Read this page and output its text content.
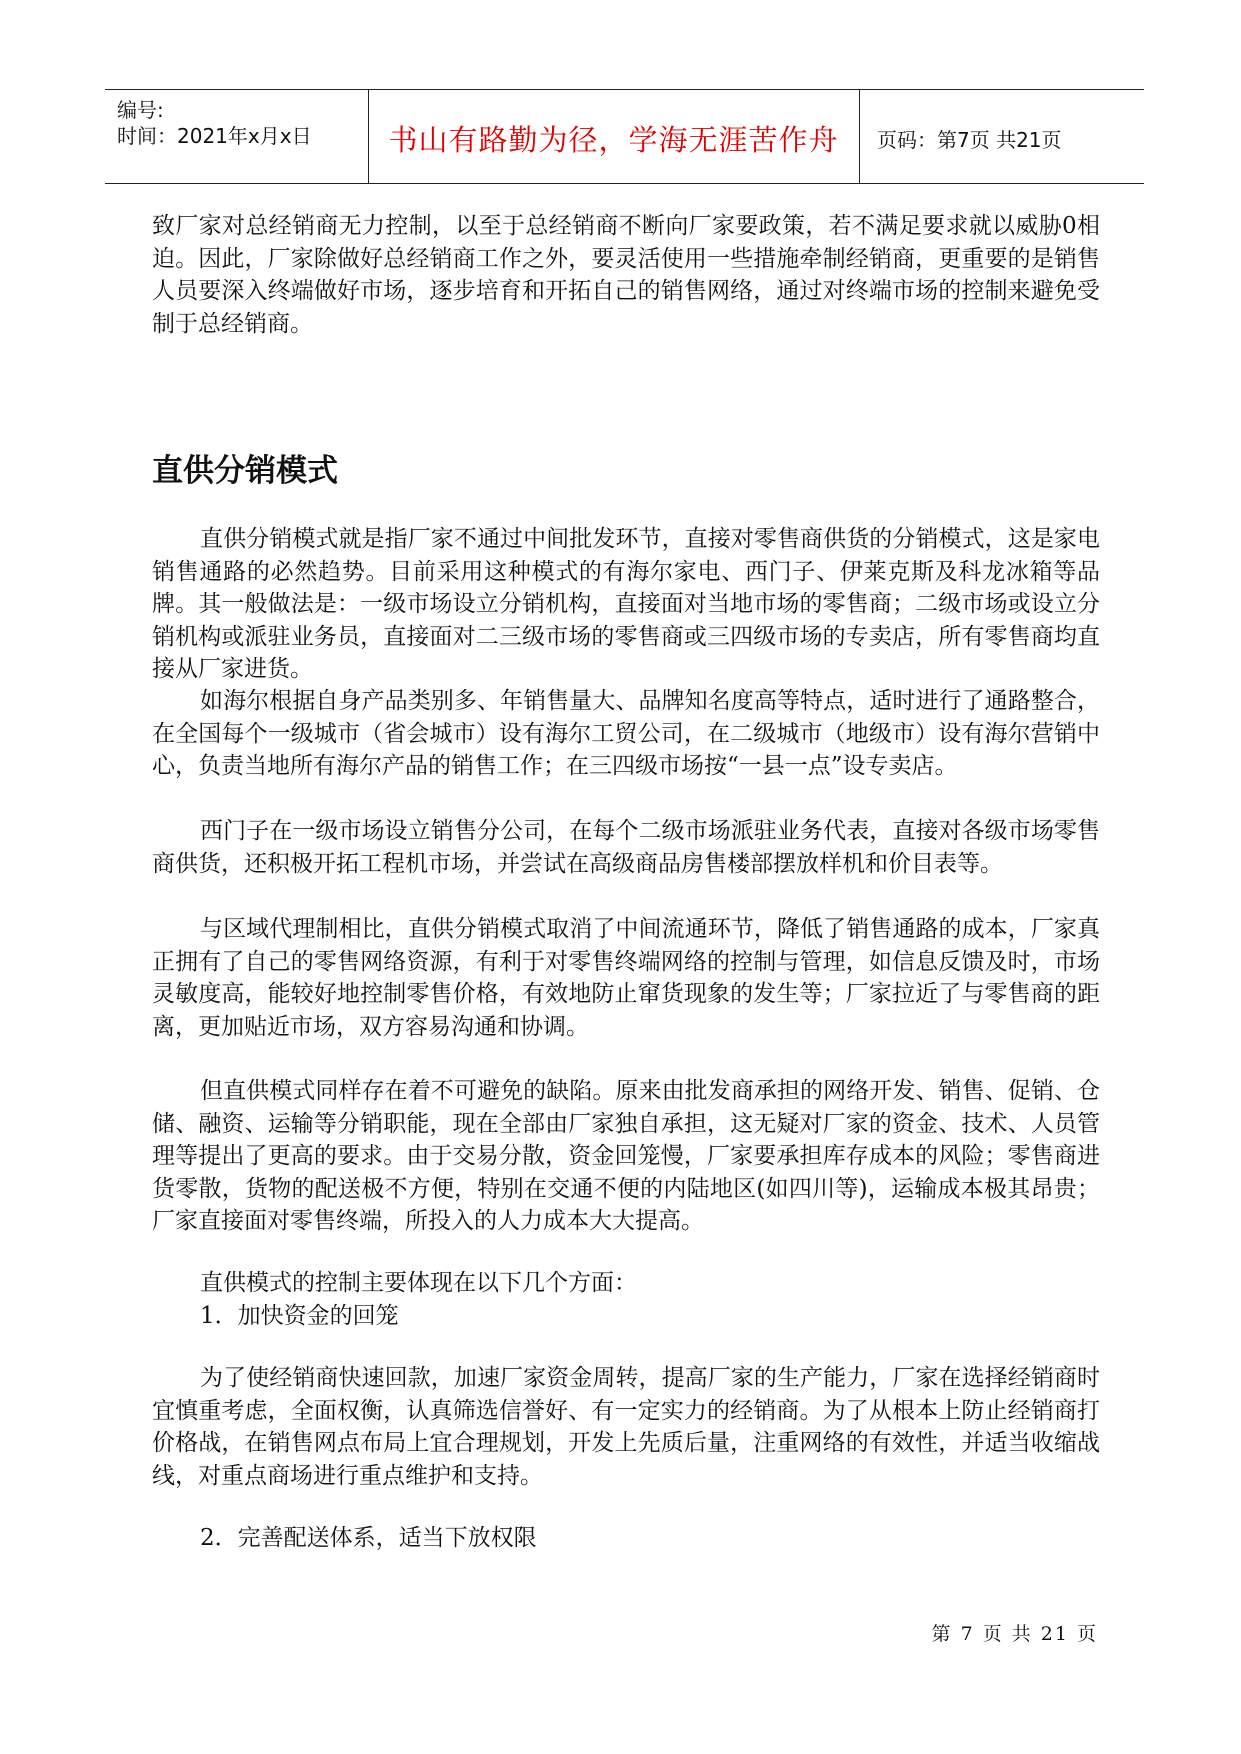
编号:
时间：2021年x月x日	书山有路勤为径，学海无涯苦作舟	页码：第7页 共21页

致厂家对总经销商无力控制，以至于总经销商不断向厂家要政策，若不满足要求就以威胁0相迫。因此，厂家除做好总经销商工作之外，要灵活使用一些措施牵制经销商，更重要的是销售人员要深入终端做好市场，逐步培育和开拓自己的销售网络，通过对终端市场的控制来避免受制于总经销商。

直供分销模式

直供分销模式就是指厂家不通过中间批发环节，直接对零售商供货的分销模式，这是家电销售通路的必然趋势。目前采用这种模式的有海尔家电、西门子、伊莱克斯及科龙冰箱等品牌。其一般做法是：一级市场设立分销机构，直接面对当地市场的零售商；二级市场或设立分销机构或派驻业务员，直接面对二三级市场的零售商或三四级市场的专卖店，所有零售商均直接从厂家进货。

如海尔根据自身产品类别多、年销售量大、品牌知名度高等特点，适时进行了通路整合，在全国每个一级城市（省会城市）设有海尔工贸公司，在二级城市（地级市）设有海尔营销中心，负责当地所有海尔产品的销售工作；在三四级市场按“一县一点”设专卖店。

西门子在一级市场设立销售分公司，在每个二级市场派驻业务代表，直接对各级市场零售商供货，还积极开拓工程机市场，并尝试在高级商品房售楼部摆放样机和价目表等。

与区域代理制相比，直供分销模式取消了中间流通环节，降低了销售通路的成本，厂家真正拥有了自己的零售网络资源，有利于对零售终端网络的控制与管理，如信息反馈及时，市场灵敏度高，能较好地控制零售价格，有效地防止窜货现象的发生等；厂家拉近了与零售商的距离，更加贴近市场，双方容易沟通和协调。

但直供模式同样存在着不可避免的缺陷。原来由批发商承担的网络开发、销售、促销、仓储、融资、运输等分销职能，现在全部由厂家独自承担，这无疑对厂家的资金、技术、人员管理等提出了更高的要求。由于交易分散，资金回笼慢，厂家要承担库存成本的风险；零售商进货零散，货物的配送极不方便，特别在交通不便的内陆地区(如四川等)，运输成本极其昂贵；厂家直接面对零售终端，所投入的人力成本大大提高。

直供模式的控制主要体现在以下几个方面：

1．加快资金的回笼

为了使经销商快速回款，加速厂家资金周转，提高厂家的生产能力，厂家在选择经销商时宜慎重考虑，全面权衡，认真筛选信誉好、有一定实力的经销商。为了从根本上防止经销商打价格战，在销售网点布局上宜合理规划，开发上先质后量，注重网络的有效性，并适当收缩战线，对重点商场进行重点维护和支持。

2．完善配送体系，适当下放权限

第 7 页 共 21 页
